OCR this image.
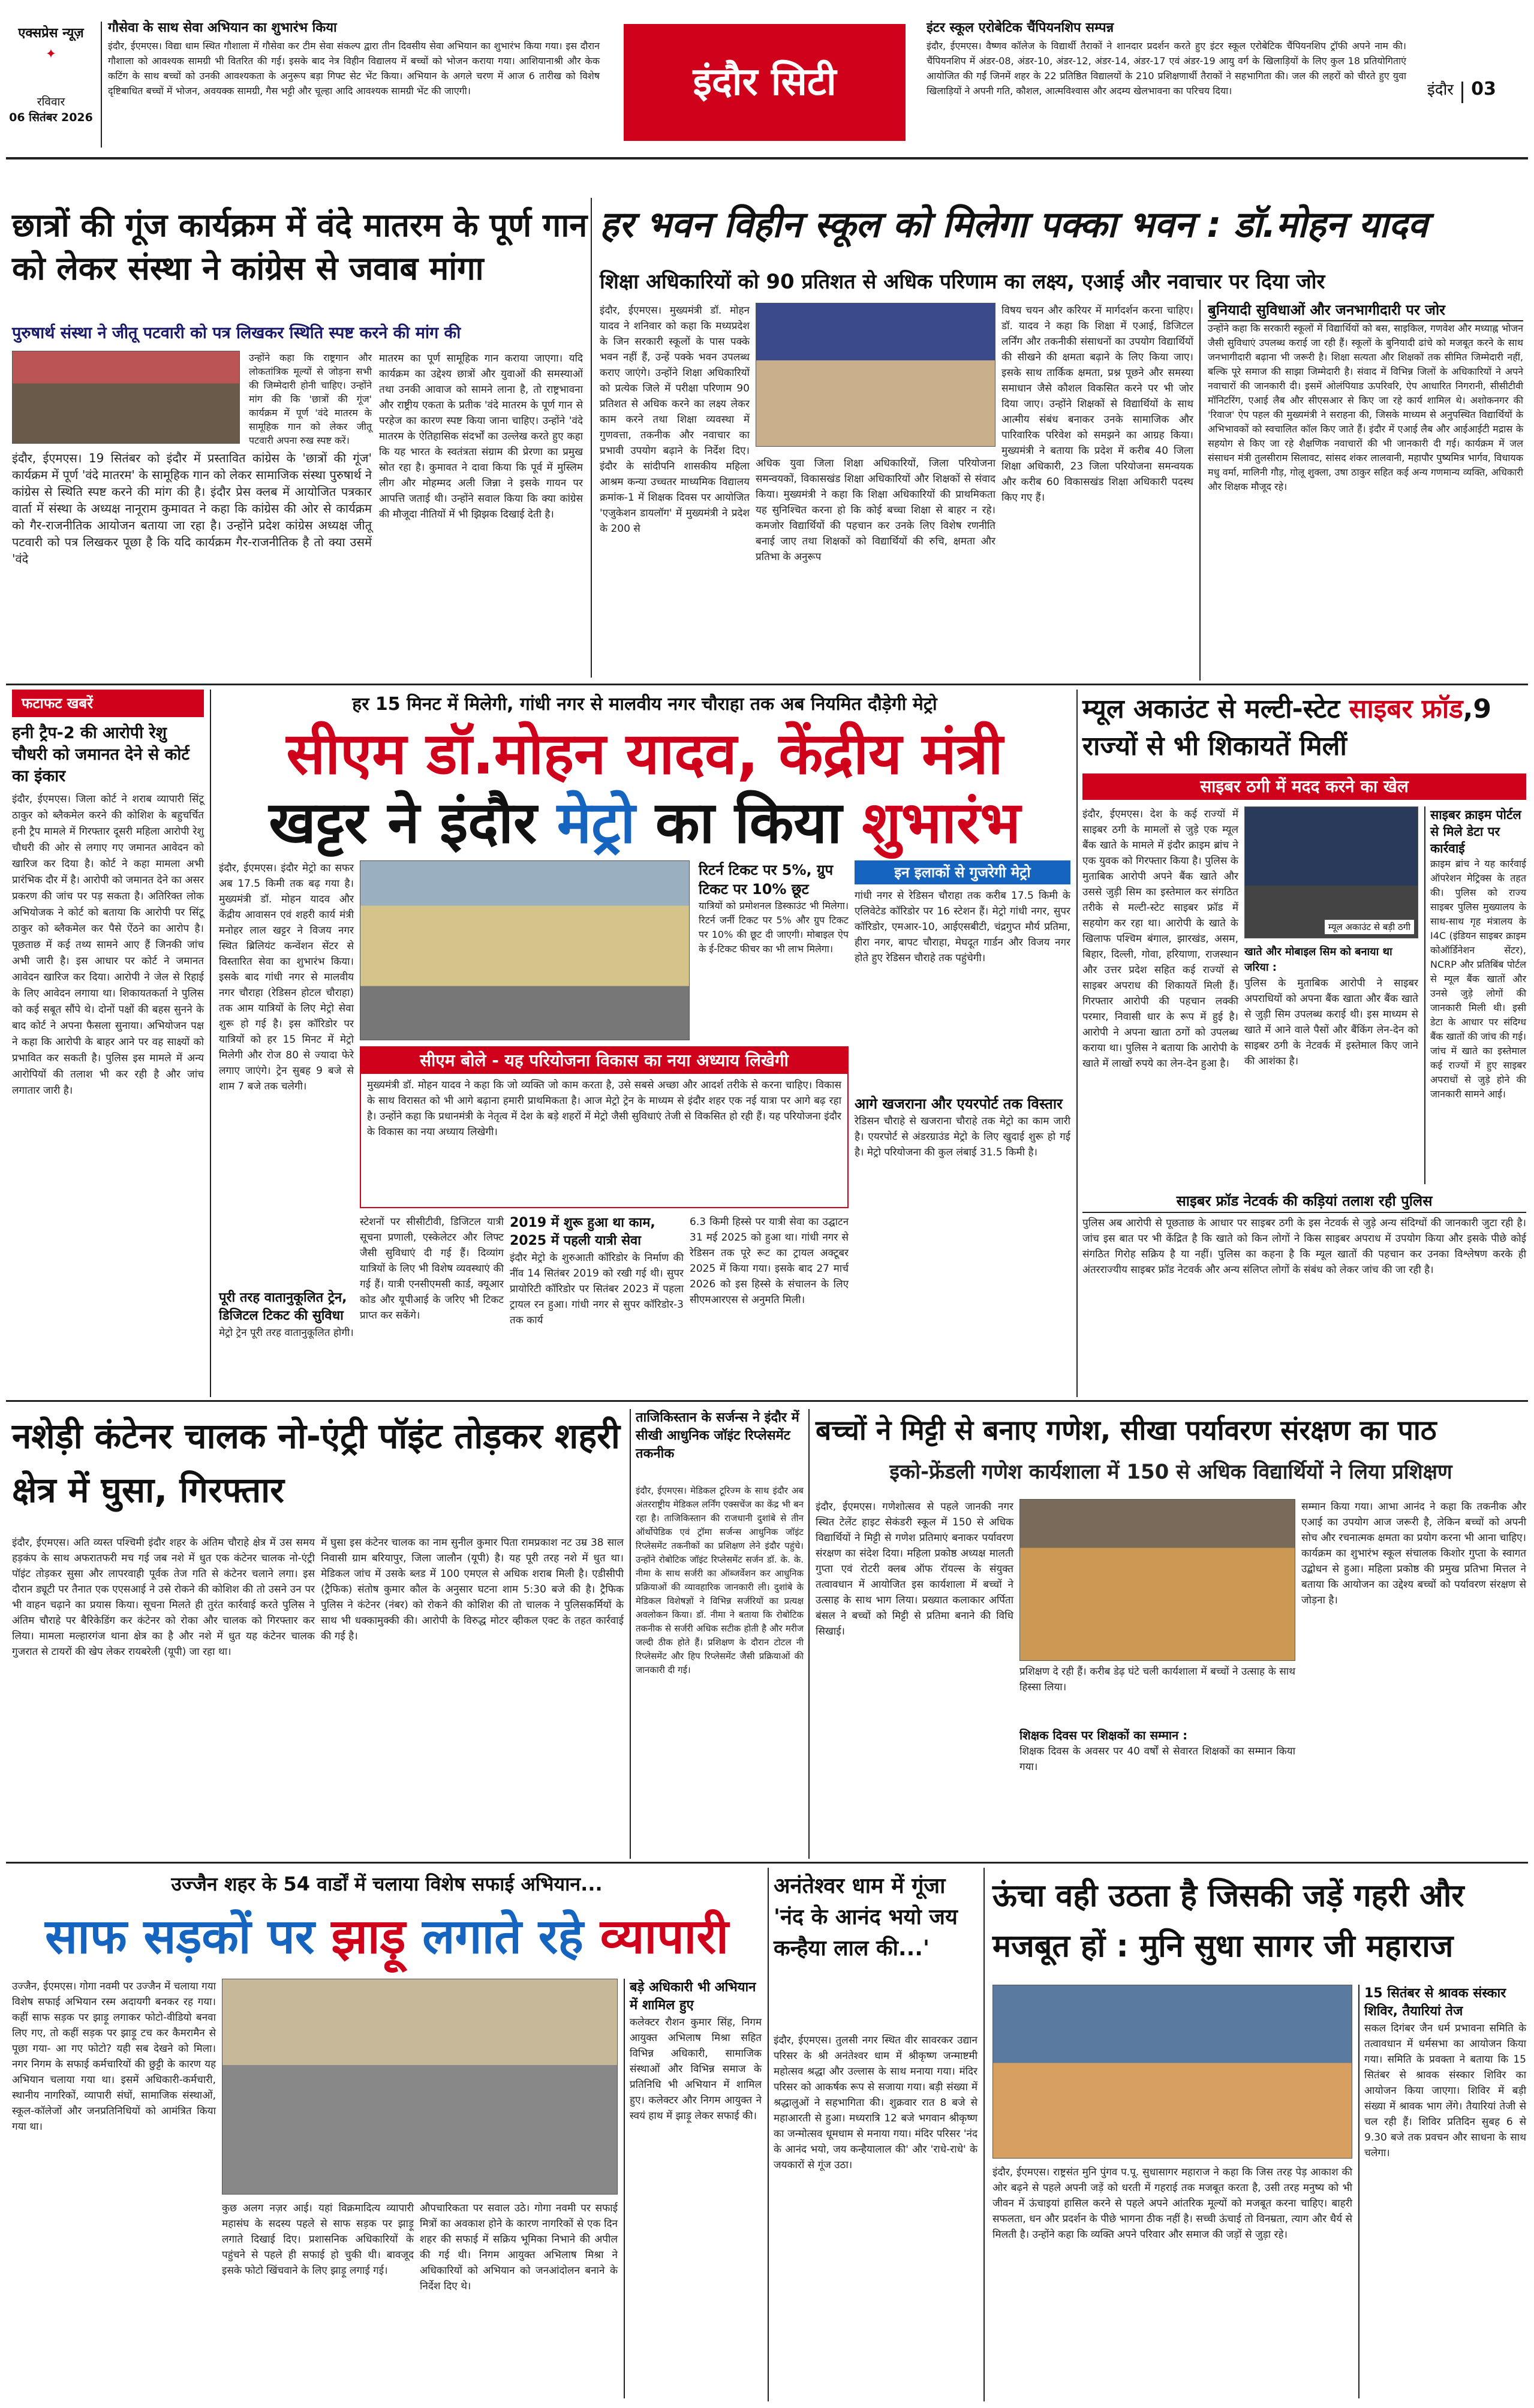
एक्सप्रेस न्यूज़
✦
रविवार
06 सितंबर 2026
गौसेवा के साथ सेवा अभियान का शुभारंभ किया
इंदौर, ईएमएस। विद्या धाम स्थित गौशाला में गौसेवा कर टीम सेवा संकल्प द्वारा तीन दिवसीय सेवा अभियान का शुभारंभ किया गया। इस दौरान गौशाला को आवश्यक सामग्री भी वितरित की गई। इसके बाद नेत्र विहीन विद्यालय में बच्चों को भोजन कराया गया। आशियानाश्री और केक कटिंग के साथ बच्चों को उनकी आवश्यकता के अनुरूप बड़ा गिफ्ट सेट भेंट किया। अभियान के अगले चरण में आज 6 तारीख को विशेष दृष्टिबाधित बच्चों में भोजन, अवयक्क सामग्री, गैस भट्टी और चूल्हा आदि आवश्यक सामग्री भेंट की जाएगी।	इंदौर सिटी
इंटर स्कूल एरोबेटिक चैंपियनशिप सम्पन्न
इंदौर, ईएमएस। वैष्णव कॉलेज के विद्यार्थी तैराकों ने शानदार प्रदर्शन करते हुए इंटर स्कूल एरोबेटिक चैंपियनशिप ट्रॉफी अपने नाम की। चैंपियनशिप में अंडर-08, अंडर-10, अंडर-12, अंडर-14, अंडर-17 एवं अंडर-19 आयु वर्ग के खिलाड़ियों के लिए कुल 18 प्रतियोगिताएं आयोजित की गईं जिनमें शहर के 22 प्रतिष्ठित विद्यालयों के 210 प्रशिक्षणार्थी तैराकों ने सहभागिता की। जल की लहरों को चीरते हुए युवा खिलाड़ियों ने अपनी गति, कौशल, आत्मविश्वास और अदम्य खेलभावना का परिचय दिया।	इंदौर 03
छात्रों की गूंज कार्यक्रम में वंदे मातरम के पूर्ण गान को लेकर संस्था ने कांग्रेस से जवाब मांगा
पुरुषार्थ संस्था ने जीतू पटवारी को पत्र लिखकर स्थिति स्पष्ट करने की मांग की
इंदौर, ईएमएस। 19 सितंबर को इंदौर में प्रस्तावित कांग्रेस के 'छात्रों की गूंज' कार्यक्रम में पूर्ण 'वंदे मातरम' के सामूहिक गान को लेकर सामाजिक संस्था पुरुषार्थ ने कांग्रेस से स्थिति स्पष्ट करने की मांग की है। इंदौर प्रेस क्लब में आयोजित पत्रकार वार्ता में संस्था के अध्यक्ष नानूराम कुमावत ने कहा कि कांग्रेस की ओर से कार्यक्रम को गैर-राजनीतिक आयोजन बताया जा रहा है। उन्होंने प्रदेश कांग्रेस अध्यक्ष जीतू पटवारी को पत्र लिखकर पूछा है कि यदि कार्यक्रम गैर-राजनीतिक है तो क्या उसमें 'वंदे
मातरम का पूर्ण सामूहिक गान कराया जाएगा। यदि कार्यक्रम का उद्देश्य छात्रों और युवाओं की समस्याओं तथा उनकी आवाज को सामने लाना है, तो राष्ट्रभावना और राष्ट्रीय एकता के प्रतीक 'वंदे मातरम के पूर्ण गान से परहेज का कारण स्पष्ट किया जाना चाहिए। उन्होंने 'वंदे मातरम के ऐतिहासिक संदर्भों का उल्लेख करते हुए कहा कि यह भारत के स्वतंत्रता संग्राम की प्रेरणा का प्रमुख स्रोत रहा है। कुमावत ने दावा किया कि पूर्व में मुस्लिम लीग और मोहम्मद अली जिन्ना ने इसके गायन पर आपत्ति जताई थी। उन्होंने सवाल किया कि क्या कांग्रेस की मौजूदा नीतियों में भी झिझक दिखाई देती है।
उन्होंने कहा कि राष्ट्रगान और लोकतांत्रिक मूल्यों से जोड़ना सभी की जिम्मेदारी होनी चाहिए। उन्होंने मांग की कि 'छात्रों की गूंज' कार्यक्रम में पूर्ण 'वंदे मातरम के सामूहिक गान को लेकर जीतू पटवारी अपना रुख स्पष्ट करें।
हर भवन विहीन स्कूल को मिलेगा पक्का भवन : डॉ.मोहन यादव
शिक्षा अधिकारियों को 90 प्रतिशत से अधिक परिणाम का लक्ष्य, एआई और नवाचार पर दिया जोर
इंदौर, ईएमएस। मुख्यमंत्री डॉ. मोहन यादव ने शनिवार को कहा कि मध्यप्रदेश के जिन सरकारी स्कूलों के पास पक्के भवन नहीं हैं, उन्हें पक्के भवन उपलब्ध कराए जाएंगे। उन्होंने शिक्षा अधिकारियों को प्रत्येक जिले में परीक्षा परिणाम 90 प्रतिशत से अधिक करने का लक्ष्य लेकर काम करने तथा शिक्षा व्यवस्था में गुणवत्ता, तकनीक और नवाचार का प्रभावी उपयोग बढ़ाने के निर्देश दिए। इंदौर के सांदीपनि शासकीय महिला आश्रम कन्या उच्चतर माध्यमिक विद्यालय क्रमांक-1 में शिक्षक दिवस पर आयोजित 'एजुकेशन डायलॉग' में मुख्यमंत्री ने प्रदेश के 200 से
अधिक युवा जिला शिक्षा अधिकारियों, जिला परियोजना समन्वयकों, विकासखंड शिक्षा अधिकारियों और शिक्षकों से संवाद किया। मुख्यमंत्री ने कहा कि शिक्षा अधिकारियों की प्राथमिकता यह सुनिश्चित करना हो कि कोई बच्चा शिक्षा से बाहर न रहे। कमजोर विद्यार्थियों की पहचान कर उनके लिए विशेष रणनीति बनाई जाए तथा शिक्षकों को विद्यार्थियों की रुचि, क्षमता और प्रतिभा के अनुरूप
विषय चयन और करियर में मार्गदर्शन करना चाहिए। डॉ. यादव ने कहा कि शिक्षा में एआई, डिजिटल लर्निंग और तकनीकी संसाधनों का उपयोग विद्यार्थियों की सीखने की क्षमता बढ़ाने के लिए किया जाए। इसके साथ तार्किक क्षमता, प्रश्न पूछने और समस्या समाधान जैसे कौशल विकसित करने पर भी जोर दिया जाए। उन्होंने शिक्षकों से विद्यार्थियों के साथ आत्मीय संबंध बनाकर उनके सामाजिक और पारिवारिक परिवेश को समझने का आग्रह किया। मुख्यमंत्री ने बताया कि प्रदेश में करीब 40 जिला शिक्षा अधिकारी, 23 जिला परियोजना समन्वयक और करीब 60 विकासखंड शिक्षा अधिकारी पदस्थ किए गए हैं।
बुनियादी सुविधाओं और जनभागीदारी पर जोर
उन्होंने कहा कि सरकारी स्कूलों में विद्यार्थियों को बस, साइकिल, गणवेश और मध्याह्न भोजन जैसी सुविधाएं उपलब्ध कराई जा रही हैं। स्कूलों के बुनियादी ढांचे को मजबूत करने के साथ जनभागीदारी बढ़ाना भी जरूरी है। शिक्षा सत्यता और शिक्षकों तक सीमित जिम्मेदारी नहीं, बल्कि पूरे समाज की साझा जिम्मेदारी है। संवाद में विभिन्न जिलों के अधिकारियों ने अपने नवाचारों की जानकारी दी। इसमें ओलंपियाड ऊपरिवरि, ऐप आधारित निगरानी, सीसीटीवी मॉनिटरिंग, एआई लैब और सीएसआर से किए जा रहे कार्य शामिल थे। अशोकनगर की 'रिवाज' ऐप पहल की मुख्यमंत्री ने सराहना की, जिसके माध्यम से अनुपस्थित विद्यार्थियों के अभिभावकों को स्वचालित कॉल किए जाते हैं। इंदौर में एआई लैब और आईआईटी मद्रास के सहयोग से किए जा रहे शैक्षणिक नवाचारों की भी जानकारी दी गई। कार्यक्रम में जल संसाधन मंत्री तुलसीराम सिलावट, सांसद शंकर लालवानी, महापौर पुष्यमित्र भार्गव, विधायक मधु वर्मा, मालिनी गौड़, गोलू शुक्ला, उषा ठाकुर सहित कई अन्य गणमान्य व्यक्ति, अधिकारी और शिक्षक मौजूद रहे।
फटाफट खबरें
हनी ट्रैप-2 की आरोपी रेशु चौधरी को जमानत देने से कोर्ट का इंकार
इंदौर, ईएमएस। जिला कोर्ट ने शराब व्यापारी सिंटू ठाकुर को ब्लैकमेल करने की कोशिश के बहुचर्चित हनी ट्रैप मामले में गिरफ्तार दूसरी महिला आरोपी रेशु चौधरी की ओर से लगाए गए जमानत आवेदन को खारिज कर दिया है। कोर्ट ने कहा मामला अभी प्रारंभिक दौर में है। आरोपी को जमानत देने का असर प्रकरण की जांच पर पड़ सकता है। अतिरिक्त लोक अभियोजक ने कोर्ट को बताया कि आरोपी पर सिंटू ठाकुर को ब्लैकमेल कर पैसे ऐंठने का आरोप है। पूछताछ में कई तथ्य सामने आए हैं जिनकी जांच अभी जारी है। इस आधार पर कोर्ट ने जमानत आवेदन खारिज कर दिया। आरोपी ने जेल से रिहाई के लिए आवेदन लगाया था। शिकायतकर्ता ने पुलिस को कई सबूत सौंपे थे। दोनों पक्षों की बहस सुनने के बाद कोर्ट ने अपना फैसला सुनाया। अभियोजन पक्ष ने कहा कि आरोपी के बाहर आने पर वह साक्ष्यों को प्रभावित कर सकती है। पुलिस इस मामले में अन्य आरोपियों की तलाश भी कर रही है और जांच लगातार जारी है।
हर 15 मिनट में मिलेगी, गांधी नगर से मालवीय नगर चौराहा तक अब नियमित दौड़ेगी मेट्रो
सीएम डॉ.मोहन यादव, केंद्रीय मंत्री
खट्टर ने इंदौर मेट्रो का किया शुभारंभ
इंदौर, ईएमएस। इंदौर मेट्रो का सफर अब 17.5 किमी तक बढ़ गया है। मुख्यमंत्री डॉ. मोहन यादव और केंद्रीय आवासन एवं शहरी कार्य मंत्री मनोहर लाल खट्टर ने विजय नगर स्थित ब्रिलियंट कन्वेंशन सेंटर से विस्तारित सेवा का शुभारंभ किया। इसके बाद गांधी नगर से मालवीय नगर चौराहा (रेडिसन होटल चौराहा) तक आम यात्रियों के लिए मेट्रो सेवा शुरू हो गई है। इस कॉरिडोर पर यात्रियों को हर 15 मिनट में मेट्रो मिलेगी और रोज 80 से ज्यादा फेरे लगाए जाएंगे। ट्रेन सुबह 9 बजे से शाम 7 बजे तक चलेगी।
रिटर्न टिकट पर 5%, ग्रुप टिकट पर 10% छूट
यात्रियों को प्रमोशनल डिस्काउंट भी मिलेगा। रिटर्न जर्नी टिकट पर 5% और ग्रुप टिकट पर 10% की छूट दी जाएगी। मोबाइल ऐप के ई-टिकट फीचर का भी लाभ मिलेगा।
सीएम बोले - यह परियोजना विकास का नया अध्याय लिखेगी
मुख्यमंत्री डॉ. मोहन यादव ने कहा कि जो व्यक्ति जो काम करता है, उसे सबसे अच्छा और आदर्श तरीके से करना चाहिए। विकास के साथ विरासत को भी आगे बढ़ाना हमारी प्राथमिकता है। आज मेट्रो ट्रेन के माध्यम से इंदौर शहर एक नई यात्रा पर आगे बढ़ रहा है। उन्होंने कहा कि प्रधानमंत्री के नेतृत्व में देश के बड़े शहरों में मेट्रो जैसी सुविधाएं तेजी से विकसित हो रही हैं। यह परियोजना इंदौर के विकास का नया अध्याय लिखेगी।
इन इलाकों से गुजरेगी मेट्रो
गांधी नगर से रेडिसन चौराहा तक करीब 17.5 किमी के एलिवेटेड कॉरिडोर पर 16 स्टेशन हैं। मेट्रो गांधी नगर, सुपर कॉरिडोर, एमआर-10, आईएसबीटी, चंद्रगुप्त मौर्य प्रतिमा, हीरा नगर, बापट चौराहा, मेघदूत गार्डन और विजय नगर होते हुए रेडिसन चौराहे तक पहुंचेगी।
स्टेशनों पर सीसीटीवी, डिजिटल यात्री सूचना प्रणाली, एस्केलेटर और लिफ्ट जैसी सुविधाएं दी गई हैं। दिव्यांग यात्रियों के लिए भी विशेष व्यवस्थाएं की गई हैं। यात्री एनसीएमसी कार्ड, क्यूआर कोड और यूपीआई के जरिए भी टिकट प्राप्त कर सकेंगे।
पूरी तरह वातानुकूलित ट्रेन, डिजिटल टिकट की सुविधा
मेट्रो ट्रेन पूरी तरह वातानुकूलित होगी।
2019 में शुरू हुआ था काम, 2025 में पहली यात्री सेवा
इंदौर मेट्रो के शुरुआती कॉरिडोर के निर्माण की नींव 14 सितंबर 2019 को रखी गई थी। सुपर प्रायोरिटी कॉरिडोर पर सितंबर 2023 में पहला ट्रायल रन हुआ। गांधी नगर से सुपर कॉरिडोर-3 तक कार्य
6.3 किमी हिस्से पर यात्री सेवा का उद्घाटन 31 मई 2025 को हुआ था। गांधी नगर से रेडिसन तक पूरे रूट का ट्रायल अक्टूबर 2025 में किया गया। इसके बाद 27 मार्च 2026 को इस हिस्से के संचालन के लिए सीएमआरएस से अनुमति मिली।
आगे खजराना और एयरपोर्ट तक विस्तार
रेडिसन चौराहे से खजराना चौराहे तक मेट्रो का काम जारी है। एयरपोर्ट से अंडरग्राउंड मेट्रो के लिए खुदाई शुरू हो गई है। मेट्रो परियोजना की कुल लंबाई 31.5 किमी है।
म्यूल अकाउंट से मल्टी-स्टेट साइबर फ्रॉड,9 राज्यों से भी शिकायतें मिलीं
साइबर ठगी में मदद करने का खेल
इंदौर, ईएमएस। देश के कई राज्यों में साइबर ठगी के मामलों से जुड़े एक म्यूल बैंक खाते के मामले में इंदौर क्राइम ब्रांच ने एक युवक को गिरफ्तार किया है। पुलिस के मुताबिक आरोपी अपने बैंक खाते और उससे जुड़ी सिम का इस्तेमाल कर संगठित तरीके से मल्टी-स्टेट साइबर फ्रॉड में सहयोग कर रहा था। आरोपी के खाते के खिलाफ पश्चिम बंगाल, झारखंड, असम, बिहार, दिल्ली, गोवा, हरियाणा, राजस्थान और उत्तर प्रदेश सहित कई राज्यों से साइबर अपराध की शिकायतें मिली हैं। गिरफ्तार आरोपी की पहचान लक्की परमार, निवासी धार के रूप में हुई है। आरोपी ने अपना खाता ठगों को उपलब्ध कराया था। पुलिस ने बताया कि आरोपी के खाते में लाखों रुपये का लेन-देन हुआ है।
म्यूल अकाउंट से बड़ी ठगी
साइबर क्राइम पोर्टल से मिले डेटा पर कार्रवाई
क्राइम ब्रांच ने यह कार्रवाई ऑपरेशन मेट्रिक्स के तहत की। पुलिस को राज्य साइबर पुलिस मुख्यालय के साथ-साथ गृह मंत्रालय के I4C (इंडियन साइबर क्राइम कोऑर्डिनेशन सेंटर), NCRP और प्रतिबिंब पोर्टल से म्यूल बैंक खातों और उनसे जुड़े लोगों की जानकारी मिली थी। इसी डेटा के आधार पर संदिग्ध बैंक खातों की जांच की गई। जांच में खाते का इस्तेमाल कई राज्यों में हुए साइबर अपराधों से जुड़े होने की जानकारी सामने आई।
खाते और मोबाइल सिम को बनाया था जरिया :
पुलिस के मुताबिक आरोपी ने साइबर अपराधियों को अपना बैंक खाता और बैंक खाते से जुड़ी सिम उपलब्ध कराई थी। इस माध्यम से खाते में आने वाले पैसों और बैंकिंग लेन-देन को साइबर ठगी के नेटवर्क में इस्तेमाल किए जाने की आशंका है।
साइबर फ्रॉड नेटवर्क की कड़ियां तलाश रही पुलिस
पुलिस अब आरोपी से पूछताछ के आधार पर साइबर ठगी के इस नेटवर्क से जुड़े अन्य संदिग्धों की जानकारी जुटा रही है। जांच इस बात पर भी केंद्रित है कि खाते को किन लोगों ने किस साइबर अपराध में उपयोग किया और इसके पीछे कोई संगठित गिरोह सक्रिय है या नहीं। पुलिस का कहना है कि म्यूल खातों की पहचान कर उनका विश्लेषण करके ही अंतरराज्यीय साइबर फ्रॉड नेटवर्क और अन्य संलिप्त लोगों के संबंध को लेकर जांच की जा रही है।
नशेड़ी कंटेनर चालक नो-एंट्री पॉइंट तोड़कर शहरी क्षेत्र में घुसा, गिरफ्तार
इंदौर, ईएमएस। अति व्यस्त पश्चिमी इंदौर शहर के अंतिम चौराहे क्षेत्र में उस समय हड़कंप के साथ अफरातफरी मच गई जब नशे में धुत एक कंटेनर चालक नो-एंट्री पॉइंट तोड़कर सुसा और लापरवाही पूर्वक तेज गति से कंटेनर चलाने लगा। इस दौरान ड्यूटी पर तैनात एक एएसआई ने उसे रोकने की कोशिश की तो उसने उन पर भी वाहन चढ़ाने का प्रयास किया। सूचना मिलते ही तुरंत कार्रवाई करते पुलिस ने अंतिम चौराहे पर बैरिकेडिंग कर कंटेनर को रोका और चालक को गिरफ्तार कर लिया। मामला मल्हारगंज थाना क्षेत्र का है और नशे में धुत यह कंटेनर चालक गुजरात से टायरों की खेप लेकर रायबरेली (यूपी) जा रहा था।
में घुसा इस कंटेनर चालक का नाम सुनील कुमार पिता रामप्रकाश नट उम्र 38 साल निवासी ग्राम बरियापुर, जिला जालौन (यूपी) है। यह पूरी तरह नशे में धुत था। मेडिकल जांच में उसके ब्लड में 100 एमएल से अधिक शराब मिली है। एडीसीपी (ट्रैफिक) संतोष कुमार कौल के अनुसार घटना शाम 5:30 बजे की है। ट्रैफिक पुलिस ने कंटेनर (नंबर) को रोकने की कोशिश की तो चालक ने पुलिसकर्मियों के साथ भी धक्कामुक्की की। आरोपी के विरुद्ध मोटर व्हीकल एक्ट के तहत कार्रवाई की गई है।
ताजिकिस्तान के सर्जन्स ने इंदौर में सीखी आधुनिक जॉइंट रिप्लेसमेंट तकनीक
इंदौर, ईएमएस। मेडिकल टूरिज्म के साथ इंदौर अब अंतरराष्ट्रीय मेडिकल लर्निंग एक्सचेंज का केंद्र भी बन रहा है। ताजिकिस्तान की राजधानी दुशांबे से तीन ऑर्थोपेडिक एवं ट्रॉमा सर्जन्स आधुनिक जॉइंट रिप्लेसमेंट तकनीकों का प्रशिक्षण लेने इंदौर पहुंचे। उन्होंने रोबोटिक जॉइंट रिप्लेसमेंट सर्जन डॉ. के. के. नीमा के साथ सर्जरी का ऑब्जर्वेशन कर आधुनिक प्रक्रियाओं की व्यावहारिक जानकारी ली। दुशांबे के मेडिकल विशेषज्ञों ने विभिन्न सर्जरियों का प्रत्यक्ष अवलोकन किया। डॉ. नीमा ने बताया कि रोबोटिक तकनीक से सर्जरी अधिक सटीक होती है और मरीज जल्दी ठीक होते हैं। प्रशिक्षण के दौरान टोटल नी रिप्लेसमेंट और हिप रिप्लेसमेंट जैसी प्रक्रियाओं की जानकारी दी गई।
बच्चों ने मिट्टी से बनाए गणेश, सीखा पर्यावरण संरक्षण का पाठ
इको-फ्रेंडली गणेश कार्यशाला में 150 से अधिक विद्यार्थियों ने लिया प्रशिक्षण
इंदौर, ईएमएस। गणेशोत्सव से पहले जानकी नगर स्थित टेलेंट हाइट सेकंडरी स्कूल में 150 से अधिक विद्यार्थियों ने मिट्टी से गणेश प्रतिमाएं बनाकर पर्यावरण संरक्षण का संदेश दिया। महिला प्रकोष्ठ अध्यक्ष मालती गुप्ता एवं रोटरी क्लब ऑफ रॉयल्स के संयुक्त तत्वावधान में आयोजित इस कार्यशाला में बच्चों ने उत्साह के साथ भाग लिया। प्रख्यात कलाकार अर्पिता बंसल ने बच्चों को मिट्टी से प्रतिमा बनाने की विधि सिखाई।
प्रशिक्षण दे रही हैं। करीब डेढ़ घंटे चली कार्यशाला में बच्चों ने उत्साह के साथ हिस्सा लिया।
शिक्षक दिवस पर शिक्षकों का सम्मान :
शिक्षक दिवस के अवसर पर 40 वर्षों से सेवारत शिक्षकों का सम्मान किया गया।
सम्मान किया गया। आभा आनंद ने कहा कि तकनीक और एआई का उपयोग आज जरूरी है, लेकिन बच्चों को अपनी सोच और रचनात्मक क्षमता का प्रयोग करना भी आना चाहिए। कार्यक्रम का शुभारंभ स्कूल संचालक किशोर गुप्ता के स्वागत उद्बोधन से हुआ। महिला प्रकोष्ठ की प्रमुख प्रतिभा मित्तल ने बताया कि आयोजन का उद्देश्य बच्चों को पर्यावरण संरक्षण से जोड़ना है।
उज्जैन शहर के 54 वार्डों में चलाया विशेष सफाई अभियान...
साफ सड़कों पर झाड़ू लगाते रहे व्यापारी
उज्जैन, ईएमएस। गोगा नवमी पर उज्जैन में चलाया गया विशेष सफाई अभियान रस्म अदायगी बनकर रह गया। कहीं साफ सड़क पर झाड़ू लगाकर फोटो-वीडियो बनवा लिए गए, तो कहीं सड़क पर झाड़ू टच कर कैमरामैन से पूछा गया- आ गए फोटो? यही सब देखने को मिला। नगर निगम के सफाई कर्मचारियों की छुट्टी के कारण यह अभियान चलाया गया था। इसमें अधिकारी-कर्मचारी, स्थानीय नागरिकों, व्यापारी संघों, सामाजिक संस्थाओं, स्कूल-कॉलेजों और जनप्रतिनिधियों को आमंत्रित किया गया था।
कुछ अलग नज़र आई। यहां विक्रमादित्य व्यापारी महासंघ के सदस्य पहले से साफ सड़क पर झाड़ू लगाते दिखाई दिए। प्रशासनिक अधिकारियों के पहुंचने से पहले ही सफाई हो चुकी थी। बावजूद इसके फोटो खिंचवाने के लिए झाड़ू लगाई गई।
औपचारिकता पर सवाल उठे। गोगा नवमी पर सफाई मित्रों का अवकाश होने के कारण नागरिकों से एक दिन शहर की सफाई में सक्रिय भूमिका निभाने की अपील की गई थी। निगम आयुक्त अभिलाष मिश्रा ने अधिकारियों को अभियान को जनआंदोलन बनाने के निर्देश दिए थे।
बड़े अधिकारी भी अभियान में शामिल हुए
कलेक्टर रौशन कुमार सिंह, निगम आयुक्त अभिलाष मिश्रा सहित विभिन्न अधिकारी, सामाजिक संस्थाओं और विभिन्न समाज के प्रतिनिधि भी अभियान में शामिल हुए। कलेक्टर और निगम आयुक्त ने स्वयं हाथ में झाड़ू लेकर सफाई की।
अनंतेश्वर धाम में गूंजा 'नंद के आनंद भयो जय कन्हैया लाल की...'
इंदौर, ईएमएस। तुलसी नगर स्थित वीर सावरकर उद्यान परिसर के श्री अनंतेश्वर धाम में श्रीकृष्ण जन्माष्टमी महोत्सव श्रद्धा और उल्लास के साथ मनाया गया। मंदिर परिसर को आकर्षक रूप से सजाया गया। बड़ी संख्या में श्रद्धालुओं ने सहभागिता की। शुक्रवार रात 8 बजे से महाआरती से हुआ। मध्यरात्रि 12 बजे भगवान श्रीकृष्ण का जन्मोत्सव धूमधाम से मनाया गया। मंदिर परिसर 'नंद के आनंद भयो, जय कन्हैयालाल की' और 'राधे-राधे' के जयकारों से गूंज उठा।
ऊंचा वही उठता है जिसकी जड़ें गहरी और मजबूत हों : मुनि सुधा सागर जी महाराज
इंदौर, ईएमएस। राष्ट्रसंत मुनि पुंगव प.पू. सुधासागर महाराज ने कहा कि जिस तरह पेड़ आकाश की ओर बढ़ने से पहले अपनी जड़ें को धरती में गहराई तक मजबूत करता है, उसी तरह मनुष्य को भी जीवन में ऊंचाइयां हासिल करने से पहले अपने आंतरिक मूल्यों को मजबूत करना चाहिए। बाहरी सफलता, धन और प्रदर्शन के पीछे भागना ठीक नहीं है। सच्ची ऊंचाई तो विनम्रता, त्याग और धैर्य से मिलती है। उन्होंने कहा कि व्यक्ति अपने परिवार और समाज की जड़ों से जुड़ा रहे।
15 सितंबर से श्रावक संस्कार शिविर, तैयारियां तेज
सकल दिगंबर जैन धर्म प्रभावना समिति के तत्वावधान में धर्मसभा का आयोजन किया गया। समिति के प्रवक्ता ने बताया कि 15 सितंबर से श्रावक संस्कार शिविर का आयोजन किया जाएगा। शिविर में बड़ी संख्या में श्रावक भाग लेंगे। तैयारियां तेजी से चल रही हैं। शिविर प्रतिदिन सुबह 6 से 9.30 बजे तक प्रवचन और साधना के साथ चलेगा।
